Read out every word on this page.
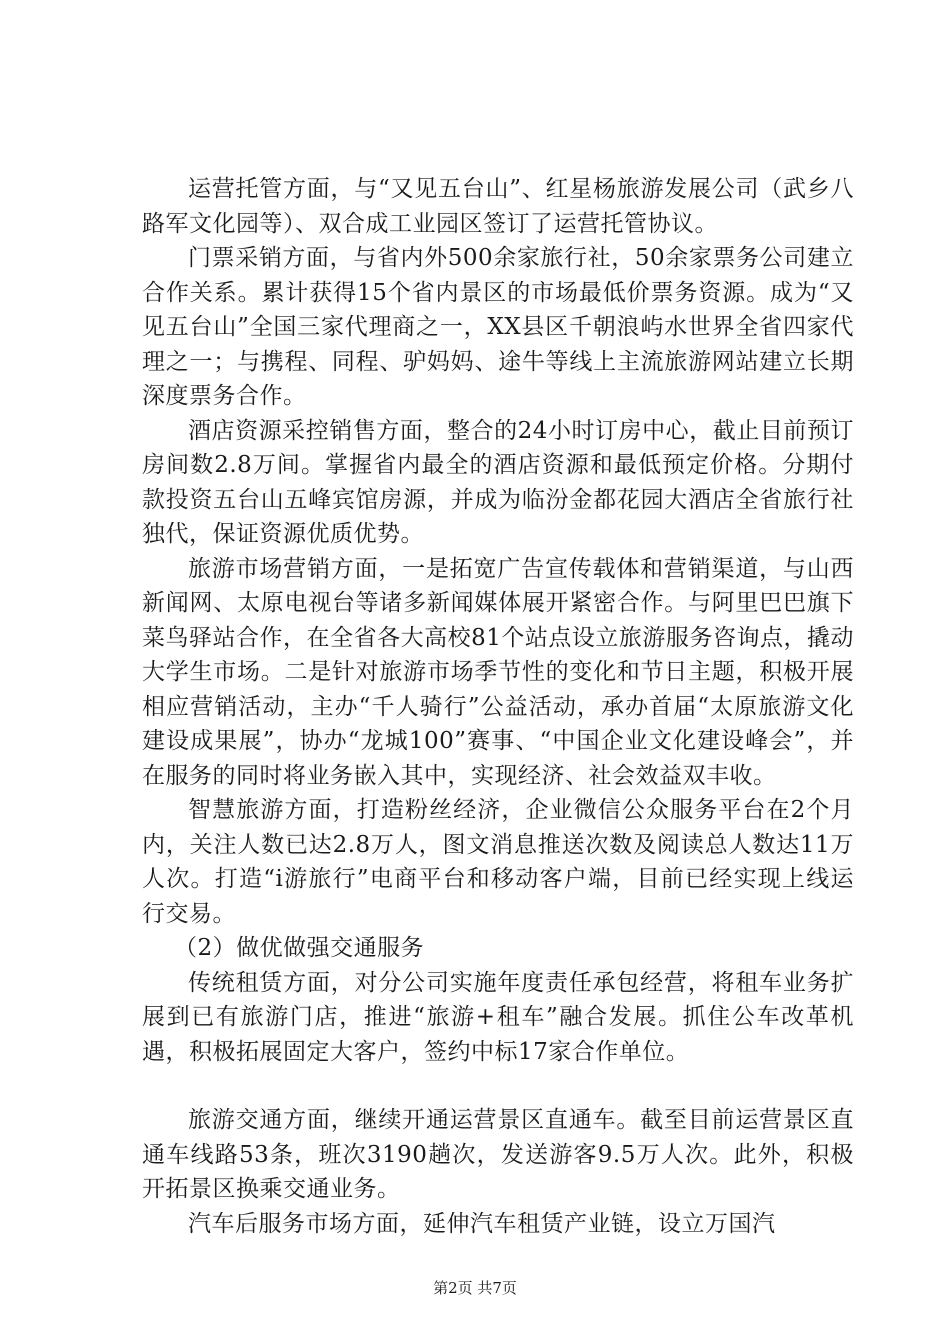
运营托管方面，与“又见五台山”、红星杨旅游发展公司（武乡八路军文化园等）、双合成工业园区签订了运营托管协议。

门票采销方面，与省内外500余家旅行社，50余家票务公司建立合作关系。累计获得15个省内景区的市场最低价票务资源。成为“又见五台山”全国三家代理商之一，XX县区千朝浪屿水世界全省四家代理之一；与携程、同程、驴妈妈、途牛等线上主流旅游网站建立长期深度票务合作。

酒店资源采控销售方面，整合的24小时订房中心，截止目前预订房间数2.8万间。掌握省内最全的酒店资源和最低预定价格。分期付款投资五台山五峰宾馆房源，并成为临汾金都花园大酒店全省旅行社独代，保证资源优质优势。

旅游市场营销方面，一是拓宽广告宣传载体和营销渠道，与山西新闻网、太原电视台等诸多新闻媒体展开紧密合作。与阿里巴巴旗下菜鸟驿站合作，在全省各大高校81个站点设立旅游服务咨询点，撬动大学生市场。二是针对旅游市场季节性的变化和节日主题，积极开展相应营销活动，主办“千人骑行”公益活动，承办首届“太原旅游文化建设成果展”，协办“龙城100”赛事、“中国企业文化建设峰会”，并在服务的同时将业务嵌入其中，实现经济、社会效益双丰收。

智慧旅游方面，打造粉丝经济，企业微信公众服务平台在2个月内，关注人数已达2.8万人，图文消息推送次数及阅读总人数达11万人次。打造“i游旅行”电商平台和移动客户端，目前已经实现上线运行交易。

（2）做优做强交通服务

传统租赁方面，对分公司实施年度责任承包经营，将租车业务扩展到已有旅游门店，推进“旅游+租车”融合发展。抓住公车改革机遇，积极拓展固定大客户，签约中标17家合作单位。

旅游交通方面，继续开通运营景区直通车。截至目前运营景区直通车线路53条，班次3190趟次，发送游客9.5万人次。此外，积极开拓景区换乘交通业务。

汽车后服务市场方面，延伸汽车租赁产业链，设立万国汽

第2页 共7页
